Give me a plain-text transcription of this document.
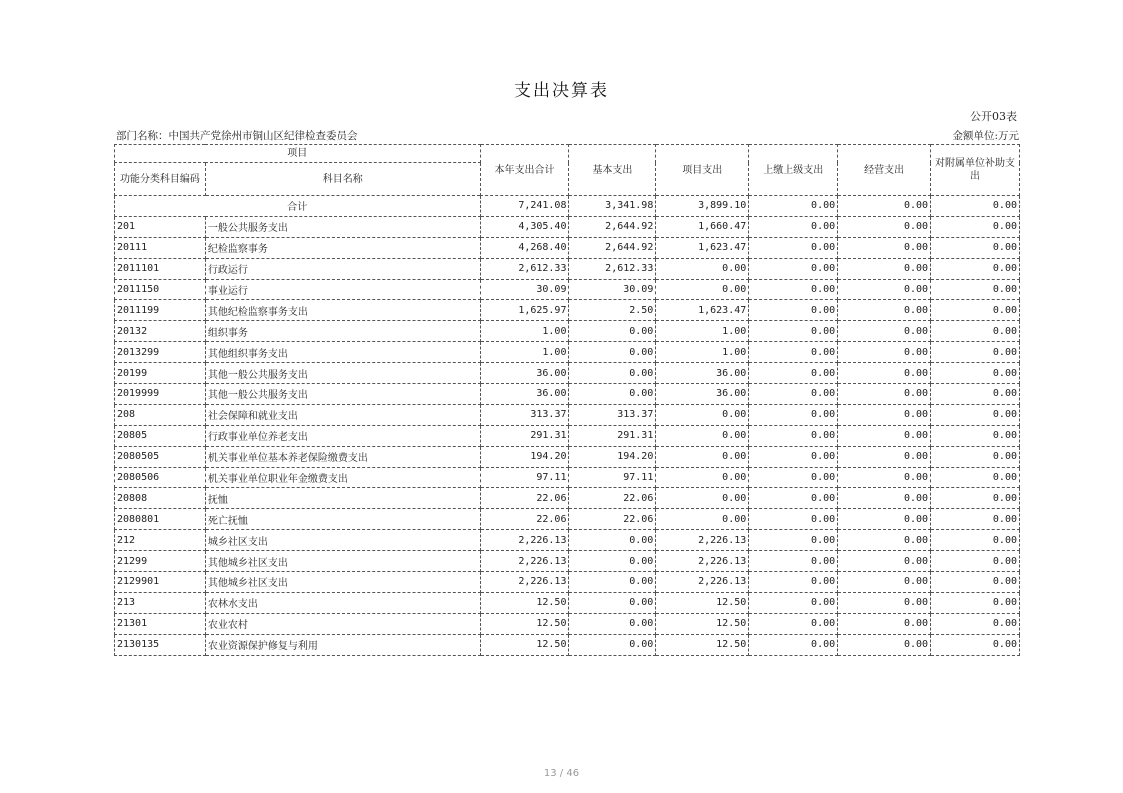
支出决算表
公开03表
部门名称：中国共产党徐州市铜山区纪律检查委员会	金额单位:万元
项目		本年支出合计	基本支出	项目支出	上缴上级支出	经营支出	对附属单位补助支出
功能分类科目编码	科目名称						
合计		7,241.08	3,341.98	3,899.10	0.00	0.00	0.00
201	一般公共服务支出	4,305.40	2,644.92	1,660.47	0.00	0.00	0.00
20111	纪检监察事务	4,268.40	2,644.92	1,623.47	0.00	0.00	0.00
2011101	行政运行	2,612.33	2,612.33	0.00	0.00	0.00	0.00
2011150	事业运行	30.09	30.09	0.00	0.00	0.00	0.00
2011199	其他纪检监察事务支出	1,625.97	2.50	1,623.47	0.00	0.00	0.00
20132	组织事务	1.00	0.00	1.00	0.00	0.00	0.00
2013299	其他组织事务支出	1.00	0.00	1.00	0.00	0.00	0.00
20199	其他一般公共服务支出	36.00	0.00	36.00	0.00	0.00	0.00
2019999	其他一般公共服务支出	36.00	0.00	36.00	0.00	0.00	0.00
208	社会保障和就业支出	313.37	313.37	0.00	0.00	0.00	0.00
20805	行政事业单位养老支出	291.31	291.31	0.00	0.00	0.00	0.00
2080505	机关事业单位基本养老保险缴费支出	194.20	194.20	0.00	0.00	0.00	0.00
2080506	机关事业单位职业年金缴费支出	97.11	97.11	0.00	0.00	0.00	0.00
20808	抚恤	22.06	22.06	0.00	0.00	0.00	0.00
2080801	死亡抚恤	22.06	22.06	0.00	0.00	0.00	0.00
212	城乡社区支出	2,226.13	0.00	2,226.13	0.00	0.00	0.00
21299	其他城乡社区支出	2,226.13	0.00	2,226.13	0.00	0.00	0.00
2129901	其他城乡社区支出	2,226.13	0.00	2,226.13	0.00	0.00	0.00
213	农林水支出	12.50	0.00	12.50	0.00	0.00	0.00
21301	农业农村	12.50	0.00	12.50	0.00	0.00	0.00
2130135	农业资源保护修复与利用	12.50	0.00	12.50	0.00	0.00	0.00
13 / 46
